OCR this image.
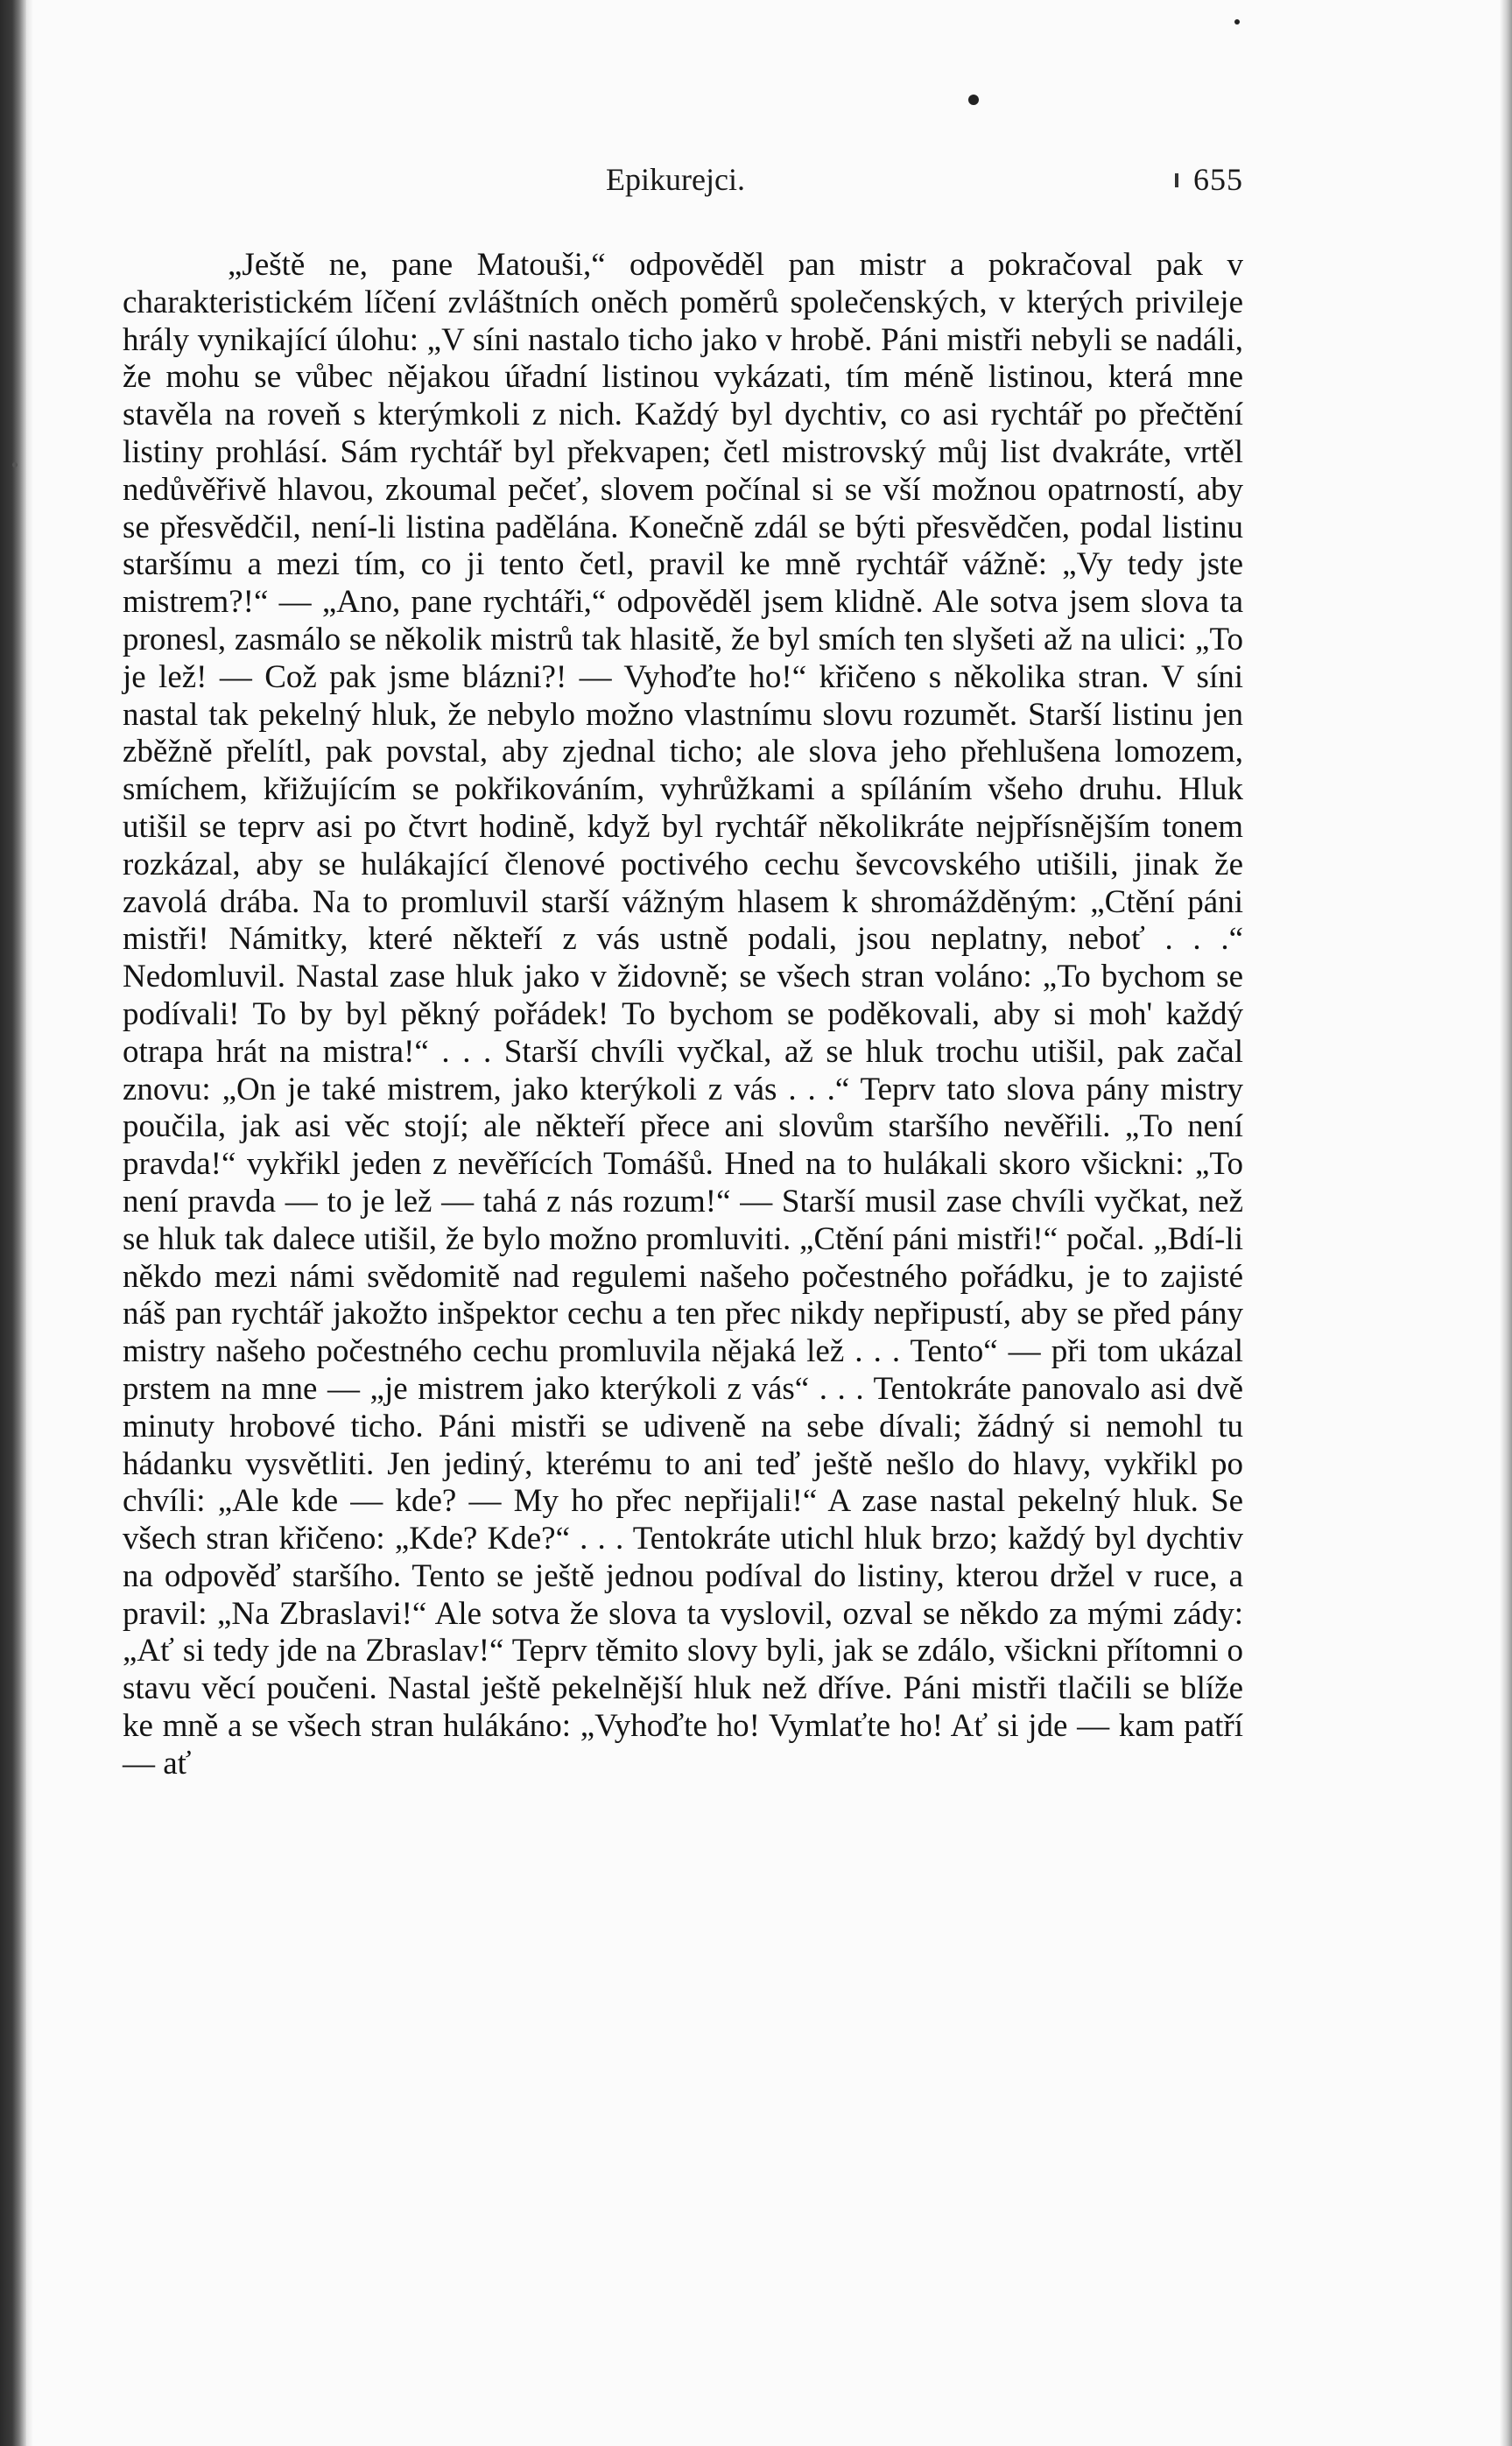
Epikurejci.	655

„Ještě ne, pane Matouši,“ odpověděl pan mistr a pokračoval pak v charakteristickém líčení zvláštních oněch poměrů společenských, v kterých privileje hrály vynikající úlohu: „V síni nastalo ticho jako v hrobě. Páni mistři nebyli se nadáli, že mohu se vůbec nějakou úřadní listinou vykázati, tím méně listinou, která mne stavěla na roveň s kterýmkoli z nich. Každý byl dychtiv, co asi rychtář po přečtění listiny prohlásí. Sám rychtář byl překvapen; četl mistrovský můj list dvakráte, vrtěl nedůvěřivě hlavou, zkoumal pečeť, slovem počínal si se vší možnou opatrností, aby se přesvědčil, není-li listina padělána. Konečně zdál se býti přesvědčen, podal listinu staršímu a mezi tím, co ji tento četl, pravil ke mně rychtář vážně: „Vy tedy jste mistrem?!“ — „Ano, pane rychtáři,“ odpověděl jsem klidně. Ale sotva jsem slova ta pronesl, zasmálo se několik mistrů tak hlasitě, že byl smích ten slyšeti až na ulici: „To je lež! — Což pak jsme blázni?! — Vyhoďte ho!“ křičeno s několika stran. V síni nastal tak pekelný hluk, že nebylo možno vlastnímu slovu rozumět. Starší listinu jen zběžně přelítl, pak povstal, aby zjednal ticho; ale slova jeho přehlušena lomozem, smíchem, křižujícím se pokřikováním, vyhrůžkami a spíláním všeho druhu. Hluk utišil se teprv asi po čtvrt hodině, když byl rychtář několikráte nejpřísnějším tonem rozkázal, aby se hulákající členové poctivého cechu ševcovského utišili, jinak že zavolá drába. Na to promluvil starší vážným hlasem k shromážděným: „Ctění páni mistři! Námitky, které někteří z vás ustně podali, jsou neplatny, neboť . . .“ Nedomluvil. Nastal zase hluk jako v židovně; se všech stran voláno: „To bychom se podívali! To by byl pěkný pořádek! To bychom se poděkovali, aby si moh' každý otrapa hrát na mistra!“ . . . Starší chvíli vyčkal, až se hluk trochu utišil, pak začal znovu: „On je také mistrem, jako kterýkoli z vás . . .“ Teprv tato slova pány mistry poučila, jak asi věc stojí; ale někteří přece ani slovům staršího nevěřili. „To není pravda!“ vykřikl jeden z nevěřících Tomášů. Hned na to hulákali skoro všickni: „To není pravda — to je lež — tahá z nás rozum!“ — Starší musil zase chvíli vyčkat, než se hluk tak dalece utišil, že bylo možno promluviti. „Ctění páni mistři!“ počal. „Bdí-li někdo mezi námi svědomitě nad regulemi našeho počestného pořádku, je to zajisté náš pan rychtář jakožto inšpektor cechu a ten přec nikdy nepřipustí, aby se před pány mistry našeho počestného cechu promluvila nějaká lež . . . Tento“ — při tom ukázal prstem na mne — „je mistrem jako kterýkoli z vás“ . . . Tentokráte panovalo asi dvě minuty hrobové ticho. Páni mistři se udiveně na sebe dívali; žádný si nemohl tu hádanku vysvětliti. Jen jediný, kterému to ani teď ještě nešlo do hlavy, vykřikl po chvíli: „Ale kde — kde? — My ho přec nepřijali!“ A zase nastal pekelný hluk. Se všech stran křičeno: „Kde? Kde?“ . . . Tentokráte utichl hluk brzo; každý byl dychtiv na odpověď staršího. Tento se ještě jednou podíval do listiny, kterou držel v ruce, a pravil: „Na Zbraslavi!“ Ale sotva že slova ta vyslovil, ozval se někdo za mými zády: „Ať si tedy jde na Zbraslav!“ Teprv těmito slovy byli, jak se zdálo, všickni přítomni o stavu věcí poučeni. Nastal ještě pekelnější hluk než dříve. Páni mistři tlačili se blíže ke mně a se všech stran hulákáno: „Vyhoďte ho! Vymlaťte ho! Ať si jde — kam patří — ať
